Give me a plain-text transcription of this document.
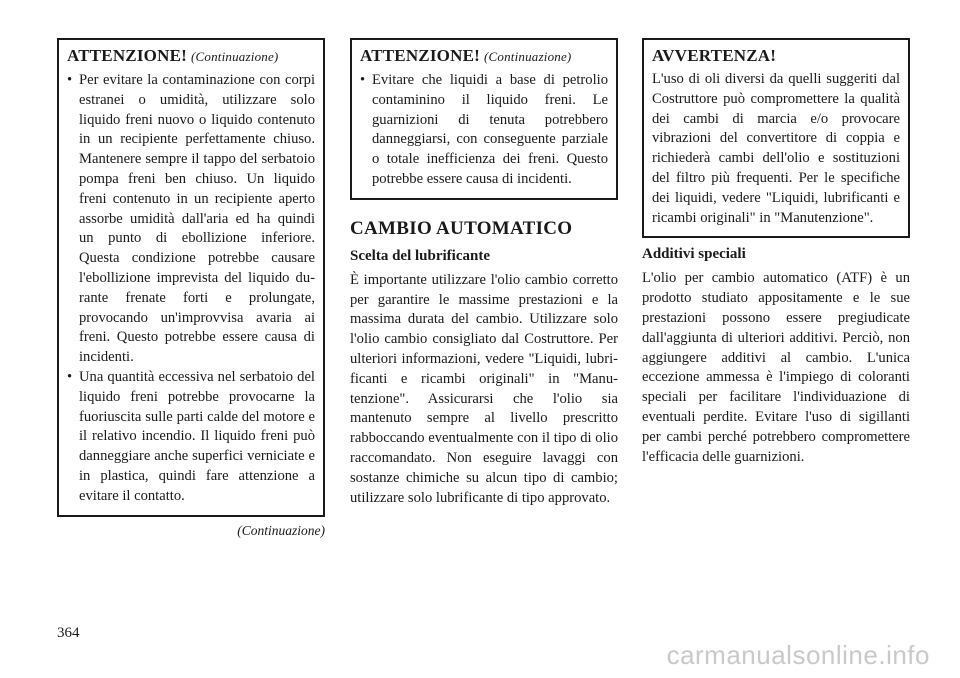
ATTENZIONE! (Continuazione)
• Per evitare la contaminazione con corpi estranei o umidità, utilizzare solo liquido freni nuovo o liquido contenuto in un recipiente perfettamente chiuso. Mantenere sempre il tappo del serbatoio pompa freni ben chiuso. Un liquido freni contenuto in un recipiente aperto assorbe umidità dall'aria ed ha quindi un punto di ebollizione inferiore. Questa condizione potrebbe causare l'ebollizione imprevista del liquido durante frenate forti e prolungate, provocando un'improvvisa avaria ai freni. Questo potrebbe essere causa di incidenti.
• Una quantità eccessiva nel serbatoio del liquido freni potrebbe provocarne la fuoriuscita sulle parti calde del motore e il relativo incendio. Il liquido freni può danneggiare anche superfici verniciate e in plastica, quindi fare attenzione a evitare il contatto.
(Continuazione)
ATTENZIONE! (Continuazione)
• Evitare che liquidi a base di petrolio contaminino il liquido freni. Le guarnizioni di tenuta potrebbero danneggiarsi, con conseguente parziale o totale inefficienza dei freni. Questo potrebbe essere causa di incidenti.
CAMBIO AUTOMATICO
Scelta del lubrificante

È importante utilizzare l'olio cambio corretto per garantire le massime prestazioni e la massima durata del cambio. Utilizzare solo l'olio cambio consigliato dal Costruttore. Per ulteriori informazioni, vedere "Liquidi, lubrificanti e ricambi originali" in "Manutenzione". Assicurarsi che l'olio sia mantenuto sempre al livello prescritto rabboccando eventualmente con il tipo di olio raccomandato. Non eseguire lavaggi con sostanze chimiche su alcun tipo di cambio; utilizzare solo lubrificante di tipo approvato.

AVVERTENZA!

L'uso di oli diversi da quelli suggeriti dal Costruttore può compromettere la qualità dei cambi di marcia e/o provocare vibrazioni del convertitore di coppia e richiederà cambi dell'olio e sostituzioni del filtro più frequenti. Per le specifiche dei liquidi, vedere "Liquidi, lubrificanti e ricambi originali" in "Manutenzione".

Additivi speciali

L'olio per cambio automatico (ATF) è un prodotto studiato appositamente e le sue prestazioni possono essere pregiudicate dall'aggiunta di ulteriori additivi. Perciò, non aggiungere additivi al cambio. L'unica eccezione ammessa è l'impiego di coloranti speciali per facilitare l'individuazione di eventuali perdite. Evitare l'uso di sigillanti per cambi perché potrebbero compromettere l'efficacia delle guarnizioni.

364
carmanualsonline.info
